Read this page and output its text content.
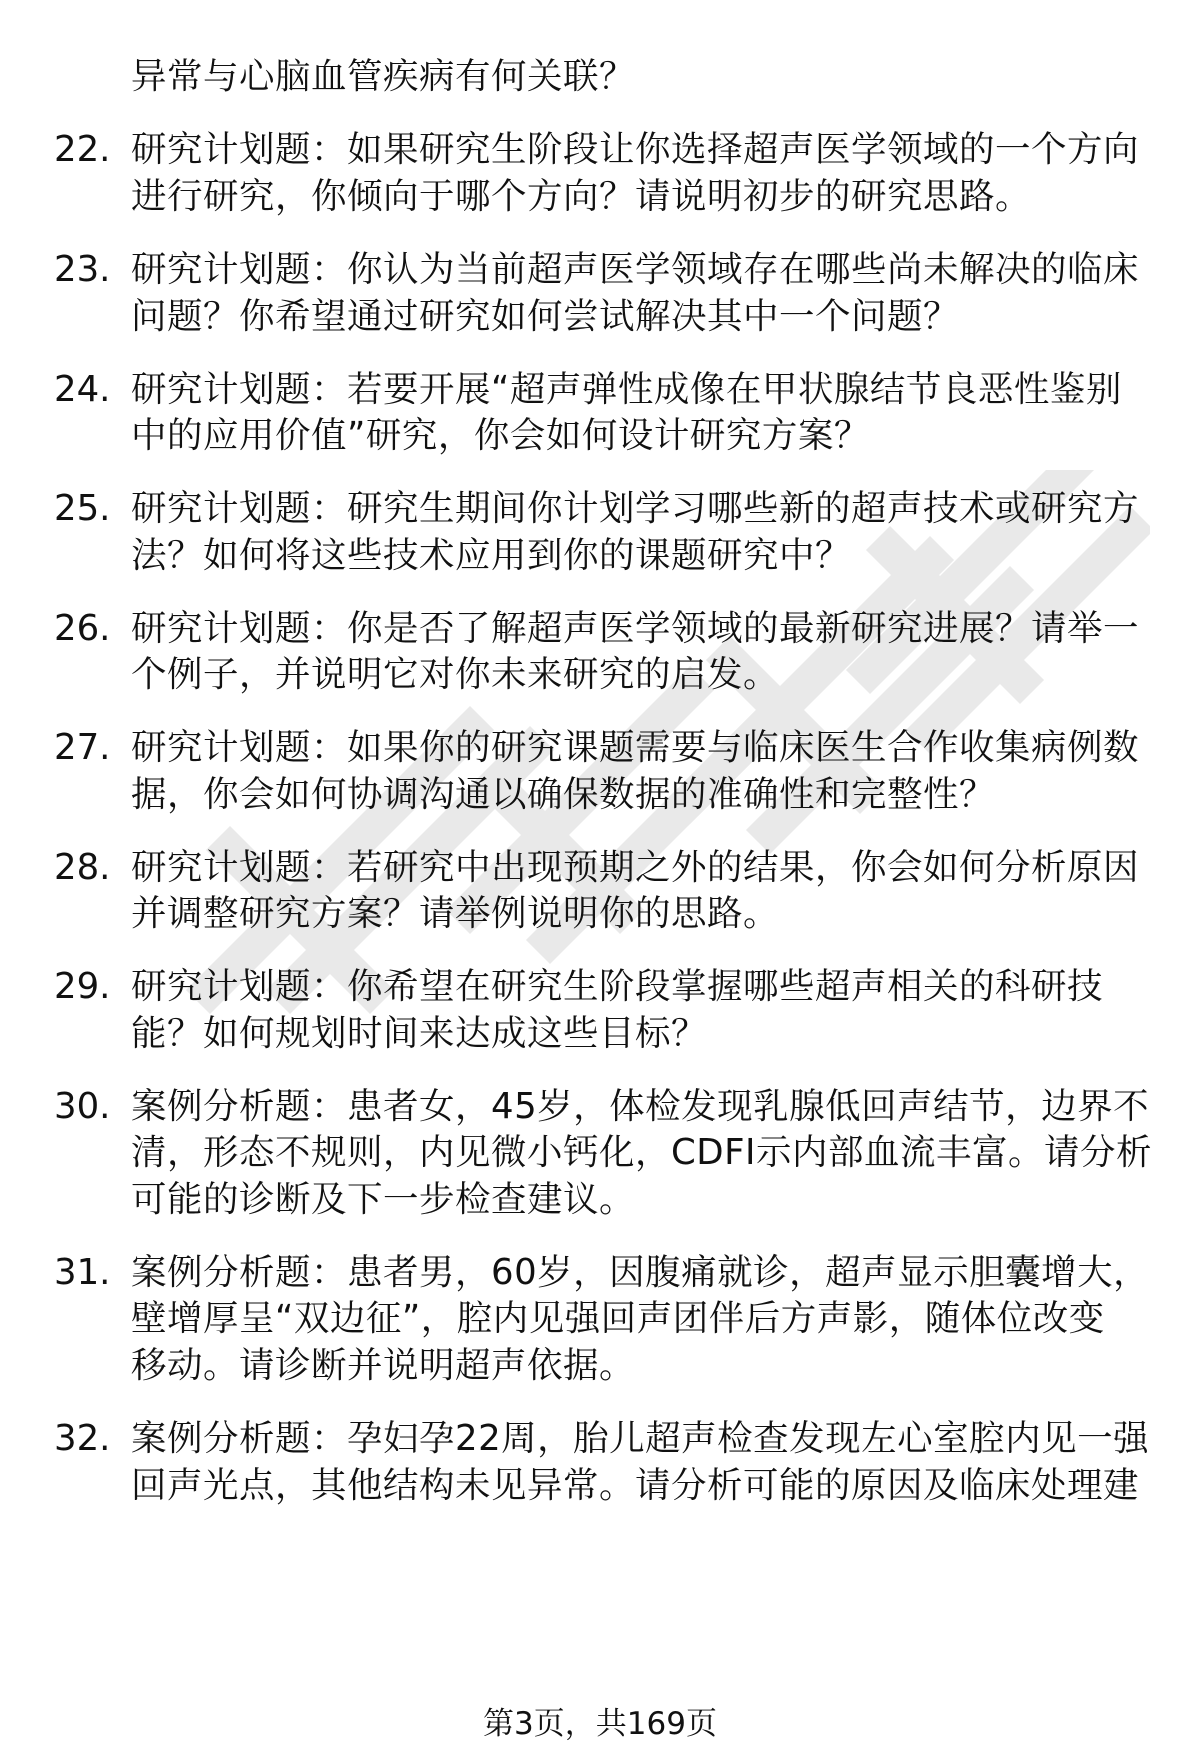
异常与心脑血管疾病有何关联？
22. 研究计划题：如果研究生阶段让你选择超声医学领域的一个方向
进行研究，你倾向于哪个方向？请说明初步的研究思路。
23. 研究计划题：你认为当前超声医学领域存在哪些尚未解决的临床
问题？你希望通过研究如何尝试解决其中一个问题？
24. 研究计划题：若要开展“超声弹性成像在甲状腺结节良恶性鉴别
中的应用价值”研究，你会如何设计研究方案？
25. 研究计划题：研究生期间你计划学习哪些新的超声技术或研究方
法？如何将这些技术应用到你的课题研究中？
26. 研究计划题：你是否了解超声医学领域的最新研究进展？请举一
个例子，并说明它对你未来研究的启发。
27. 研究计划题：如果你的研究课题需要与临床医生合作收集病例数
据，你会如何协调沟通以确保数据的准确性和完整性？
28. 研究计划题：若研究中出现预期之外的结果，你会如何分析原因
并调整研究方案？请举例说明你的思路。
29. 研究计划题：你希望在研究生阶段掌握哪些超声相关的科研技
能？如何规划时间来达成这些目标？
30. 案例分析题：患者女，45岁，体检发现乳腺低回声结节，边界不
清，形态不规则，内见微小钙化，CDFI示内部血流丰富。请分析
可能的诊断及下一步检查建议。
31. 案例分析题：患者男，60岁，因腹痛就诊，超声显示胆囊增大，
壁增厚呈“双边征”，腔内见强回声团伴后方声影，随体位改变
移动。请诊断并说明超声依据。
32. 案例分析题：孕妇孕22周，胎儿超声检查发现左心室腔内见一强
回声光点，其他结构未见异常。请分析可能的原因及临床处理建
第3页，共169页
